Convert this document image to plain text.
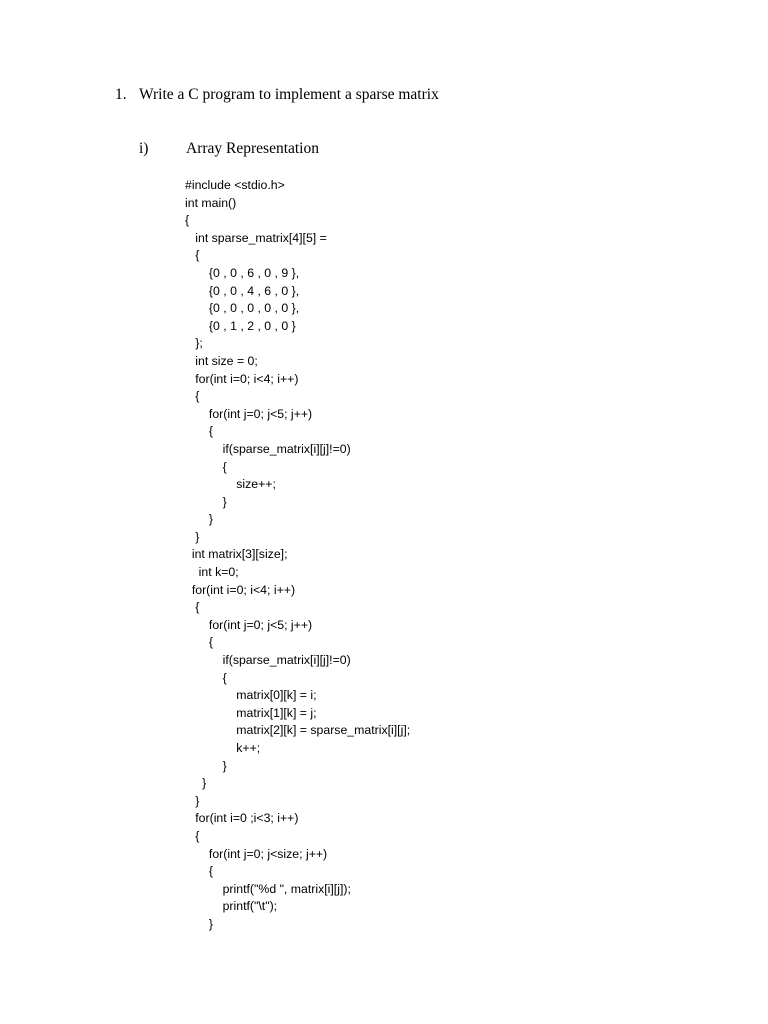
1. Write a C program to implement a sparse matrix
i) Array Representation
#include <stdio.h>
int main()
{
int sparse_matrix[4][5] =
{
{0 , 0 , 6 , 0 , 9 },
{0 , 0 , 4 , 6 , 0 },
{0 , 0 , 0 , 0 , 0 },
{0 , 1 , 2 , 0 , 0 }
};
int size = 0;
for(int i=0; i<4; i++)
{
for(int j=0; j<5; j++)
{
if(sparse_matrix[i][j]!=0)
{
size++;
}
}
}
int matrix[3][size];
int k=0;
for(int i=0; i<4; i++)
{
for(int j=0; j<5; j++)
{
if(sparse_matrix[i][j]!=0)
{
matrix[0][k] = i;
matrix[1][k] = j;
matrix[2][k] = sparse_matrix[i][j];
k++;
}
}
}
for(int i=0 ;i<3; i++)
{
for(int j=0; j<size; j++)
{
printf("%d ", matrix[i][j]);
printf("\t");
}
